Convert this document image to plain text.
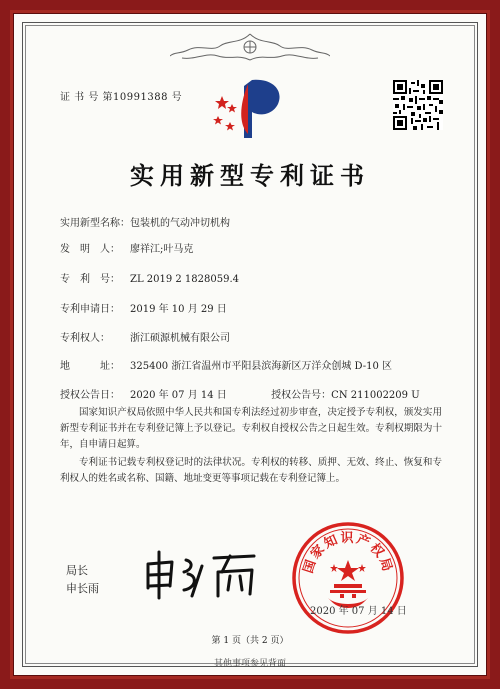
证 书 号 第10991388 号
实用新型专利证书
实用新型名称：包装机的气动冲切机构
发　明　人： 廖祥江;叶马克
专　利　号： ZL 2019 2 1828059.4
专利申请日： 2019 年 10 月 29 日
专利权人： 浙江硕源机械有限公司
地　　　址： 325400 浙江省温州市平阳县滨海新区万洋众创城 D-10 区
授权公告日： 2020 年 07 月 14 日	授权公告号：CN 211002209 U
国家知识产权局依照中华人民共和国专利法经过初步审查，决定授予专利权，颁发实用新型专利证书并在专利登记簿上予以登记。专利权自授权公告之日起生效。专利权期限为十年，自申请日起算。
专利证书记载专利权登记时的法律状况。专利权的转移、质押、无效、终止、恢复和专利权人的姓名或名称、国籍、地址变更等事项记载在专利登记簿上。
局长
申长雨
国家知识产权局
2020 年 07 月 14 日
第 1 页（共 2 页）
其他事项参见背面
